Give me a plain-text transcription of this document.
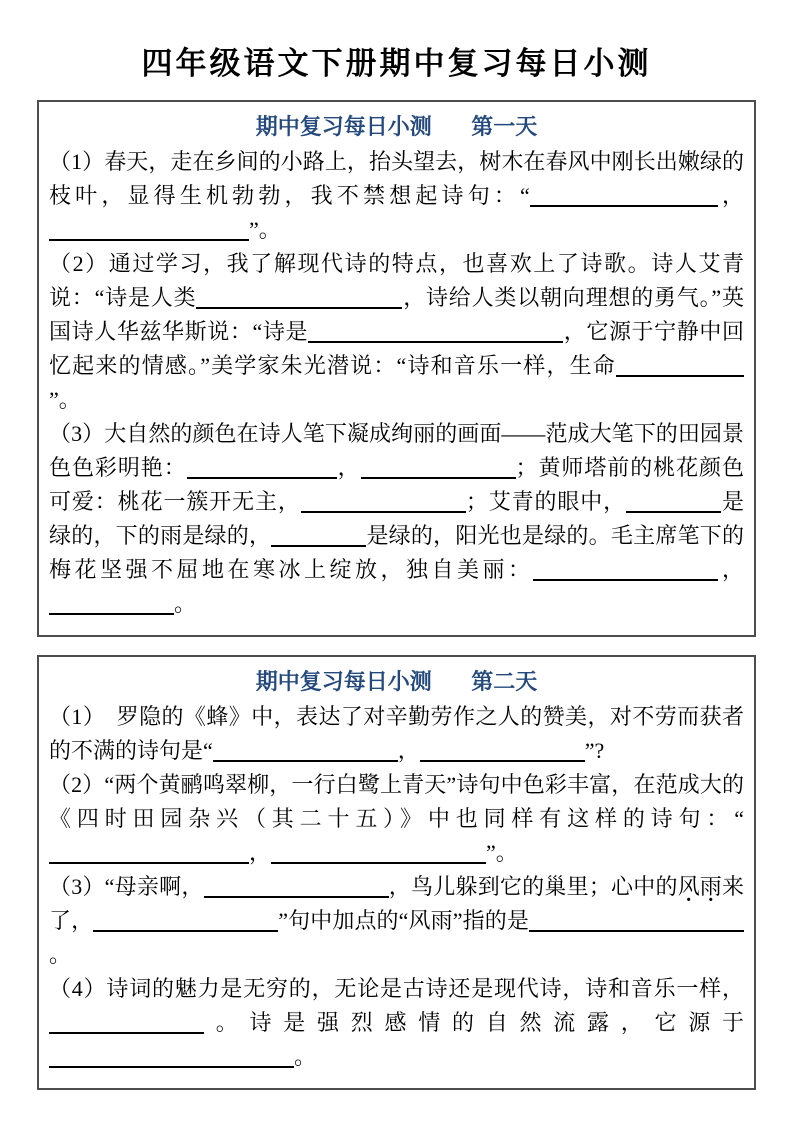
四年级语文下册期中复习每日小测
期中复习每日小测 第一天

（1）春天，走在乡间的小路上，抬头望去，树木在春风中刚长出嫩绿的枝叶，显得生机勃勃，我不禁想起诗句：“	，”。

（2）通过学习，我了解现代诗的特点，也喜欢上了诗歌。诗人艾青说：“诗是人类	，诗给人类以朝向理想的勇气。”英国诗人华兹华斯说：“诗是	，它源于宁静中回忆起来的情感。”美学家朱光潜说：“诗和音乐一样，生命”。

（3）大自然的颜色在诗人笔下凝成绚丽的画面——范成大笔下的田园景色色彩明艳：	，	；黄师塔前的桃花颜色可爱：桃花一簇开无主，	；艾青的眼中，	是绿的，下的雨是绿的，	是绿的，阳光也是绿的。毛主席笔下的梅花坚强不屈地在寒冰上绽放，独自美丽：	，。

期中复习每日小测 第二天

（1）　罗隐的《蜂》中，表达了对辛勤劳作之人的赞美，对不劳而获者的不满的诗句是“	，	”?

（2）“两个黄鹂鸣翠柳，一行白鹭上青天”诗句中色彩丰富，在范成大的《四时田园杂兴（其二十五）》中也同样有这样的诗句：“，	”。

（3）“母亲啊，	，鸟儿躲到它的巢里；心中的风雨来了，	”句中加点的“风雨”指的是。

（4）诗词的魅力是无穷的，无论是古诗还是现代诗，诗和音乐一样，。诗是强烈感情的自然流露，它源于。
